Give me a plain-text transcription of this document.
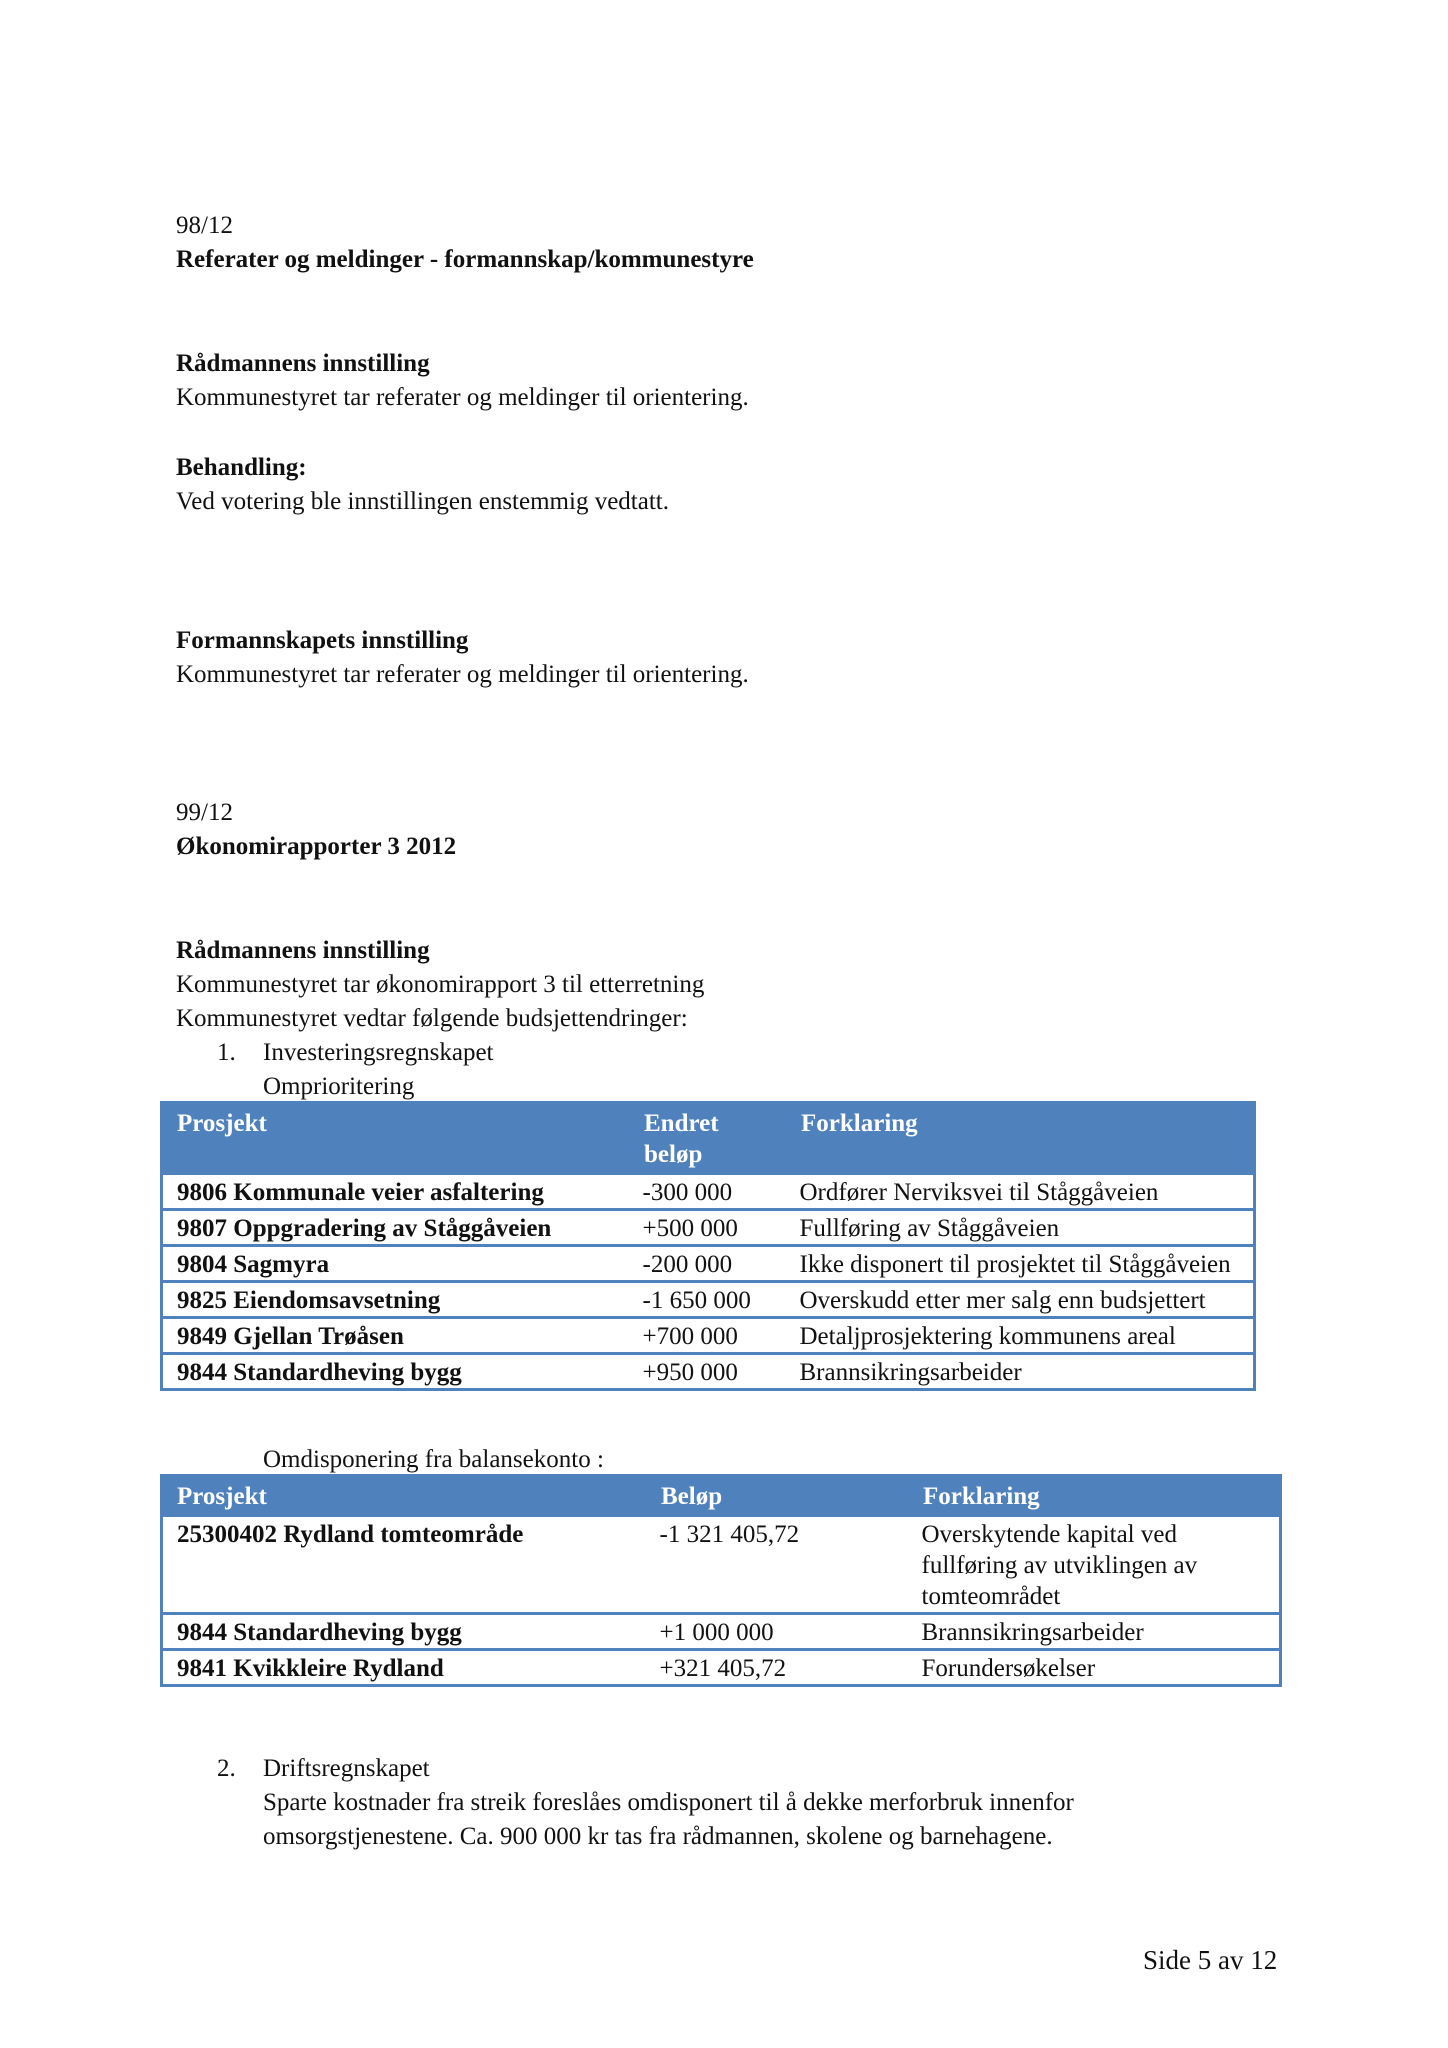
98/12
Referater og meldinger - formannskap/kommunestyre
Rådmannens innstilling
Kommunestyret tar referater og meldinger til orientering.
Behandling:
Ved votering ble innstillingen enstemmig vedtatt.
Formannskapets innstilling
Kommunestyret tar referater og meldinger til orientering.
99/12
Økonomirapporter 3 2012
Rådmannens innstilling
Kommunestyret tar økonomirapport 3 til etterretning
Kommunestyret vedtar følgende budsjettendringer:
1. Investeringsregnskapet
Omprioritering
Prosjekt	Endret beløp	Forklaring
9806 Kommunale veier asfaltering	-300 000	Ordfører Nerviksvei til Ståggåveien
9807 Oppgradering av Ståggåveien	+500 000	Fullføring av Ståggåveien
9804 Sagmyra	-200 000	Ikke disponert til prosjektet til Ståggåveien
9825 Eiendomsavsetning	-1 650 000	Overskudd etter mer salg enn budsjettert
9849 Gjellan Trøåsen	+700 000	Detaljprosjektering kommunens areal
9844 Standardheving bygg	+950 000	Brannsikringsarbeider
Omdisponering fra balansekonto :
Prosjekt	Beløp	Forklaring
25300402 Rydland tomteområde	-1 321 405,72	Overskytende kapital ved fullføring av utviklingen av tomteområdet
9844 Standardheving bygg	+1 000 000	Brannsikringsarbeider
9841 Kvikkleire Rydland	+321 405,72	Forundersøkelser
2. Driftsregnskapet
Sparte kostnader fra streik foreslåes omdisponert til å dekke merforbruk innenfor
omsorgstjenestene. Ca. 900 000 kr tas fra rådmannen, skolene og barnehagene.
Side 5 av 12
